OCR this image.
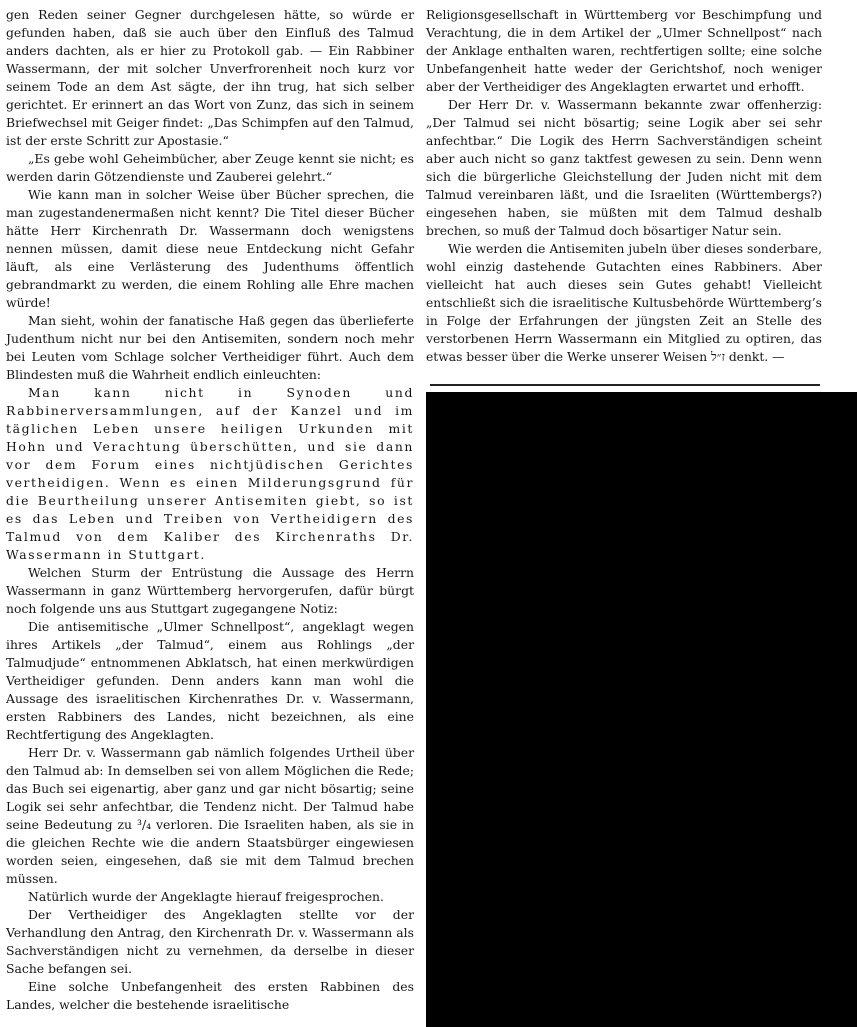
gen Reden seiner Gegner durchgelesen hätte, so würde er gefunden haben, daß sie auch über den Einfluß des Talmud anders dachten, als er hier zu Protokoll gab. — Ein Rabbiner Wassermann, der mit solcher Unverfrorenheit noch kurz vor seinem Tode an dem Ast sägte, der ihn trug, hat sich selber gerichtet. Er erinnert an das Wort von Zunz, das sich in seinem Briefwechsel mit Geiger findet: „Das Schimpfen auf den Talmud, ist der erste Schritt zur Apostasie.“

„Es gebe wohl Geheimbücher, aber Zeuge kennt sie nicht; es werden darin Götzendienste und Zauberei gelehrt.“

Wie kann man in solcher Weise über Bücher sprechen, die man zugestandenermaßen nicht kennt? Die Titel dieser Bücher hätte Herr Kirchenrath Dr. Wassermann doch wenigstens nennen müssen, damit diese neue Entdeckung nicht Gefahr läuft, als eine Verlästerung des Judenthums öffentlich gebrandmarkt zu werden, die einem Rohling alle Ehre machen würde!

Man sieht, wohin der fanatische Haß gegen das überlieferte Judenthum nicht nur bei den Antisemiten, sondern noch mehr bei Leuten vom Schlage solcher Vertheidiger führt. Auch dem Blindesten muß die Wahrheit endlich einleuchten:

Man kann nicht in Synoden und Rabbinerversammlungen, auf der Kanzel und im täglichen Leben unsere heiligen Urkunden mit Hohn und Verachtung überschütten, und sie dann vor dem Forum eines nichtjüdischen Gerichtes vertheidigen. Wenn es einen Milderungsgrund für die Beurtheilung unserer Antisemiten giebt, so ist es das Leben und Treiben von Vertheidigern des Talmud von dem Kaliber des Kirchenraths Dr. Wassermann in Stuttgart.

Welchen Sturm der Entrüstung die Aussage des Herrn Wassermann in ganz Württemberg hervorgerufen, dafür bürgt noch folgende uns aus Stuttgart zugegangene Notiz:

Die antisemitische „Ulmer Schnellpost“, angeklagt wegen ihres Artikels „der Talmud“, einem aus Rohlings „der Talmudjude“ entnommenen Abklatsch, hat einen merkwürdigen Vertheidiger gefunden. Denn anders kann man wohl die Aussage des israelitischen Kirchenrathes Dr. v. Wassermann, ersten Rabbiners des Landes, nicht bezeichnen, als eine Rechtfertigung des Angeklagten.

Herr Dr. v. Wassermann gab nämlich folgendes Urtheil über den Talmud ab: In demselben sei von allem Möglichen die Rede; das Buch sei eigenartig, aber ganz und gar nicht bösartig; seine Logik sei sehr anfechtbar, die Tendenz nicht. Der Talmud habe seine Bedeutung zu ³/₄ verloren. Die Israeliten haben, als sie in die gleichen Rechte wie die andern Staatsbürger eingewiesen worden seien, eingesehen, daß sie mit dem Talmud brechen müssen.

Natürlich wurde der Angeklagte hierauf freigesprochen.

Der Vertheidiger des Angeklagten stellte vor der Verhandlung den Antrag, den Kirchenrath Dr. v. Wassermann als Sachverständigen nicht zu vernehmen, da derselbe in dieser Sache befangen sei.

Eine solche Unbefangenheit des ersten Rabbinen des Landes, welcher die bestehende israelitische

Religionsgesellschaft in Württemberg vor Beschimpfung und Verachtung, die in dem Artikel der „Ulmer Schnellpost“ nach der Anklage enthalten waren, rechtfertigen sollte; eine solche Unbefangenheit hatte weder der Gerichtshof, noch weniger aber der Vertheidiger des Angeklagten erwartet und erhofft.

Der Herr Dr. v. Wassermann bekannte zwar offenherzig: „Der Talmud sei nicht bösartig; seine Logik aber sei sehr anfechtbar.“ Die Logik des Herrn Sachverständigen scheint aber auch nicht so ganz taktfest gewesen zu sein. Denn wenn sich die bürgerliche Gleichstellung der Juden nicht mit dem Talmud vereinbaren läßt, und die Israeliten (Württembergs?) eingesehen haben, sie müßten mit dem Talmud deshalb brechen, so muß der Talmud doch bösartiger Natur sein.

Wie werden die Antisemiten jubeln über dieses sonderbare, wohl einzig dastehende Gutachten eines Rabbiners. Aber vielleicht hat auch dieses sein Gutes gehabt! Vielleicht entschließt sich die israelitische Kultusbehörde Württemberg’s in Folge der Erfahrungen der jüngsten Zeit an Stelle des verstorbenen Herrn Wassermann ein Mitglied zu optiren, das etwas besser über die Werke unserer Weisen ז״ל denkt. —
